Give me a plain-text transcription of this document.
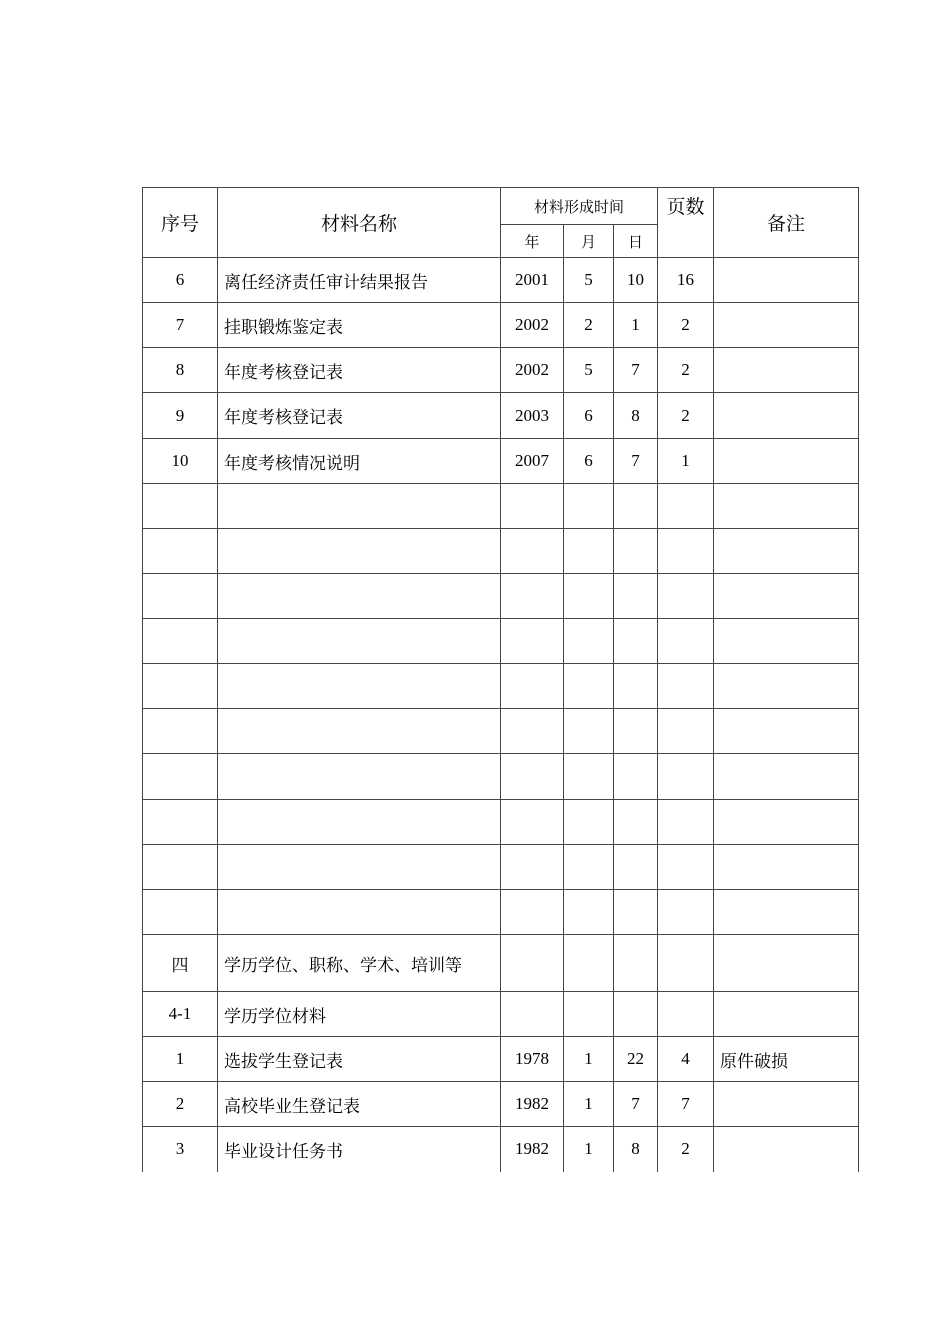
序号	材料名称	材料形成时间			页数	备注
		年	月	日		
6	离任经济责任审计结果报告	2001	5	10	16	
7	挂职锻炼鉴定表	2002	2	1	2	
8	年度考核登记表	2002	5	7	2	
9	年度考核登记表	2003	6	8	2	
10	年度考核情况说明	2007	6	7	1	

四	学历学位、职称、学术、培训等					
4-1	学历学位材料					
1	选拔学生登记表	1978	1	22	4	原件破损
2	高校毕业生登记表	1982	1	7	7	
3	毕业设计任务书	1982	1	8	2	
